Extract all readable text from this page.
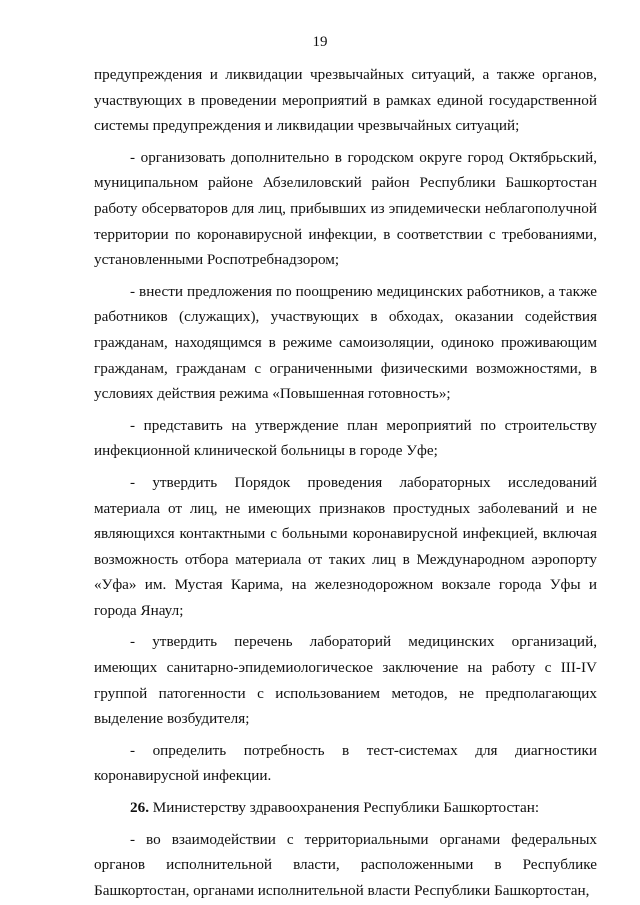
19

предупреждения и ликвидации чрезвычайных ситуаций, а также органов, участвующих в проведении мероприятий в рамках единой государственной системы предупреждения и ликвидации чрезвычайных ситуаций;

- организовать дополнительно в городском округе город Октябрьский, муниципальном районе Абзелиловский район Республики Башкортостан работу обсерваторов для лиц, прибывших из эпидемически неблагополучной территории по коронавирусной инфекции, в соответствии с требованиями, установленными Роспотребнадзором;

- внести предложения по поощрению медицинских работников, а также работников (служащих), участвующих в обходах, оказании содействия гражданам, находящимся в режиме самоизоляции, одиноко проживающим гражданам, гражданам с ограниченными физическими возможностями, в условиях действия режима «Повышенная готовность»;

- представить на утверждение план мероприятий по строительству инфекционной клинической больницы в городе Уфе;

- утвердить Порядок проведения лабораторных исследований материала от лиц, не имеющих признаков простудных заболеваний и не являющихся контактными с больными коронавирусной инфекцией, включая возможность отбора материала от таких лиц в Международном аэропорту «Уфа» им. Мустая Карима, на железнодорожном вокзале города Уфы и города Янаул;

- утвердить перечень лабораторий медицинских организаций, имеющих санитарно-эпидемиологическое заключение на работу с III-IV группой патогенности с использованием методов, не предполагающих выделение возбудителя;

- определить потребность в тест-системах для диагностики коронавирусной инфекции.

26. Министерству здравоохранения Республики Башкортостан:

- во взаимодействии с территориальными органами федеральных органов исполнительной власти, расположенными в Республике Башкортостан, органами исполнительной власти Республики Башкортостан,
